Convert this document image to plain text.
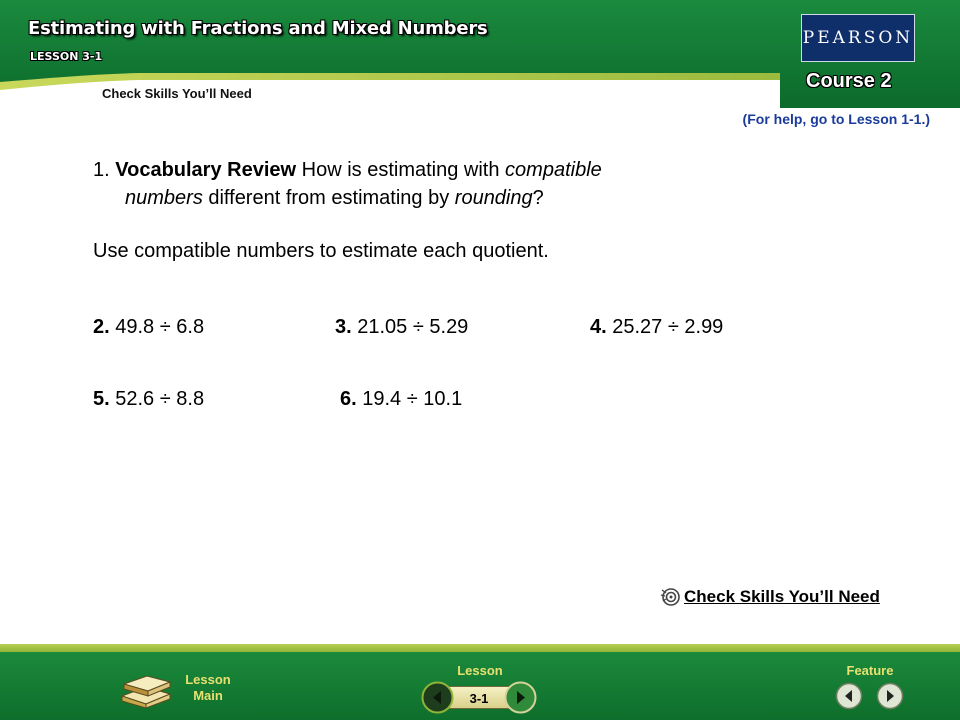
Estimating with Fractions and Mixed Numbers
LESSON 3-1
Check Skills You’ll Need
PEARSON
Course 2
(For help, go to Lesson 1-1.)
1. Vocabulary Review How is estimating with compatible
numbers different from estimating by rounding?
Use compatible numbers to estimate each quotient.
2. 49.8 ÷ 6.8	3. 21.05 ÷ 5.29	4. 25.27 ÷ 2.99
5. 52.6 ÷ 8.8	6. 19.4 ÷ 10.1
Check Skills You’ll Need
Lesson
Main
Lesson
3-1
Feature
